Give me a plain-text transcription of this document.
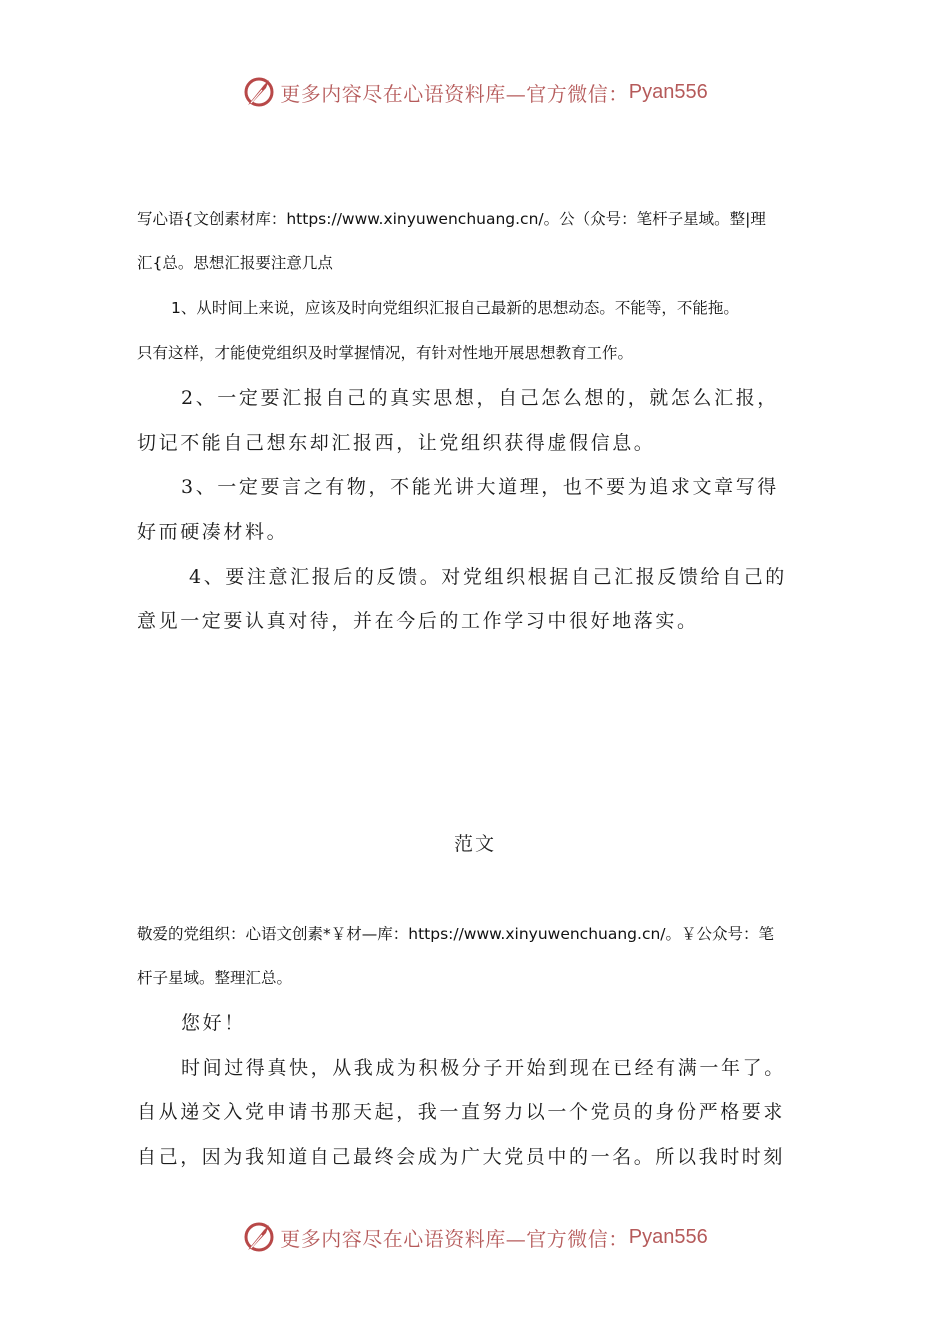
更多内容尽在心语资料库—官方微信： Pyan556

写心语{文创素材库：https://www.xinyuwenchuang.cn/。公（众号：笔杆子星域。整|理

汇{总。思想汇报要注意几点

1、从时间上来说，应该及时向党组织汇报自己最新的思想动态。不能等，不能拖。

只有这样，才能使党组织及时掌握情况，有针对性地开展思想教育工作。

2、一定要汇报自己的真实思想，自己怎么想的，就怎么汇报，

切记不能自己想东却汇报西，让党组织获得虚假信息。

3、一定要言之有物，不能光讲大道理，也不要为追求文章写得

好而硬凑材料。

4、要注意汇报后的反馈。对党组织根据自己汇报反馈给自己的

意见一定要认真对待，并在今后的工作学习中很好地落实。

范文

敬爱的党组织：心语文创素*￥材—库：https://www.xinyuwenchuang.cn/。￥公众号：笔

杆子星域。整理汇总。

您好！

时间过得真快，从我成为积极分子开始到现在已经有满一年了。

自从递交入党申请书那天起，我一直努力以一个党员的身份严格要求

自己，因为我知道自己最终会成为广大党员中的一名。所以我时时刻

更多内容尽在心语资料库—官方微信： Pyan556
